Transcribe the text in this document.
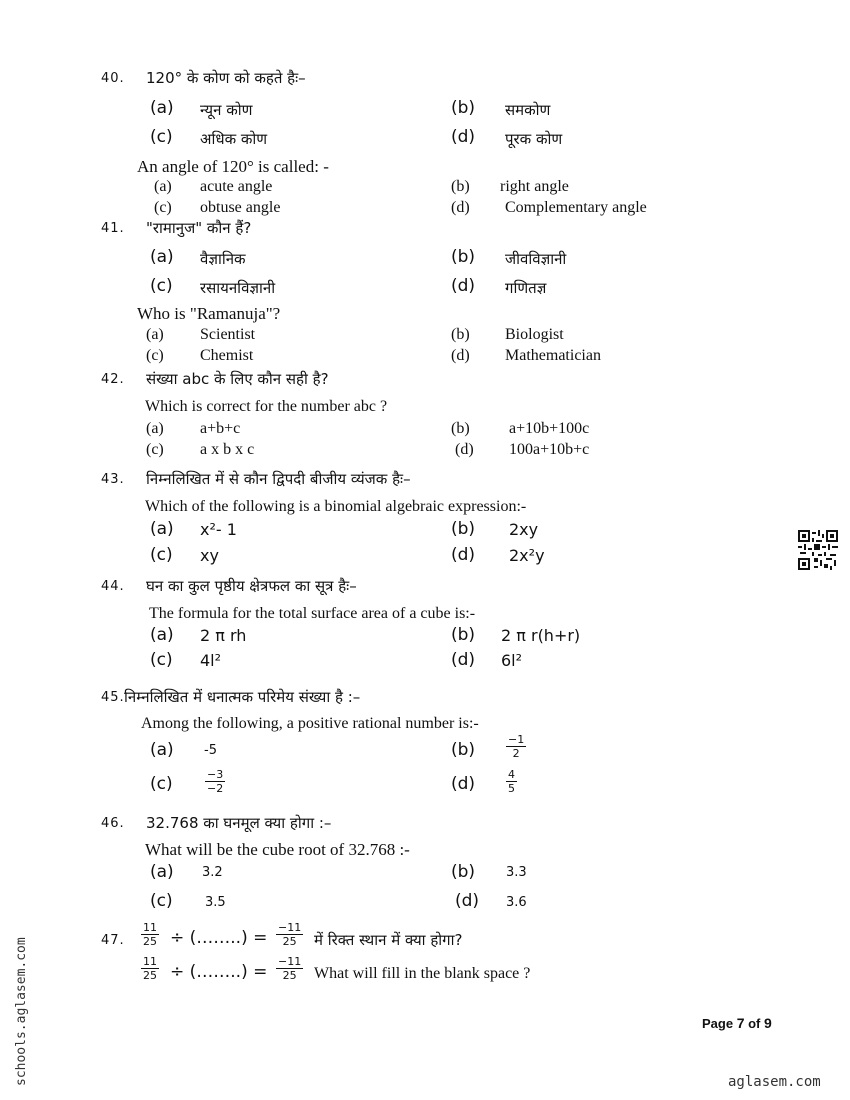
40. 120° के कोण को कहते हैः–
(a) न्यून कोण	(b) समकोण
(c) अधिक कोण	(d) पूरक कोण
An angle of 120° is called: -
(a) acute angle	(b) right angle
(c) obtuse angle	(d) Complementary angle
41. "रामानुज" कौन हैं?
(a) वैज्ञानिक	(b) जीवविज्ञानी
(c) रसायनविज्ञानी	(d) गणितज्ञ
Who is "Ramanuja"?
(a) Scientist	(b) Biologist
(c) Chemist	(d) Mathematician
42. संख्या abc के लिए कौन सही है?
Which is correct for the number abc ?
(a) a+b+c	(b) a+10b+100c
(c) a x b x c	(d) 100a+10b+c
43. निम्नलिखित में से कौन द्विपदी बीजीय व्यंजक हैः–
Which of the following is a binomial algebraic expression:-
(a) x²- 1	(b) 2xy
(c) xy	(d) 2x²y
44. घन का कुल पृष्ठीय क्षेत्रफल का सूत्र हैः–
The formula for the total surface area of a cube is:-
(a) 2 π rh	(b) 2 π r(h+r)
(c) 4l²	(d) 6l²
45. निम्नलिखित में धनात्मक परिमेय संख्या है :–
Among the following, a positive rational number is:-
(a) -5	(b)	$\frac{-1}{2}$
(c)	$\frac{-3}{-2}$	(d)	$\frac{4}{5}$
46. 32.768 का घनमूल क्या होगा :–
What will be the cube root of 32.768 :-
(a) 3.2	(b) 3.3
(c) 3.5	(d) 3.6
47. $\frac{11}{25}$ ÷ (……..) = $\frac{-11}{25}$ में रिक्त स्थान में क्या होगा?
$\frac{11}{25}$ ÷ (……..) = $\frac{-11}{25}$ What will fill in the blank space ?
Page 7 of 9
aglasem.com
schools.aglasem.com
